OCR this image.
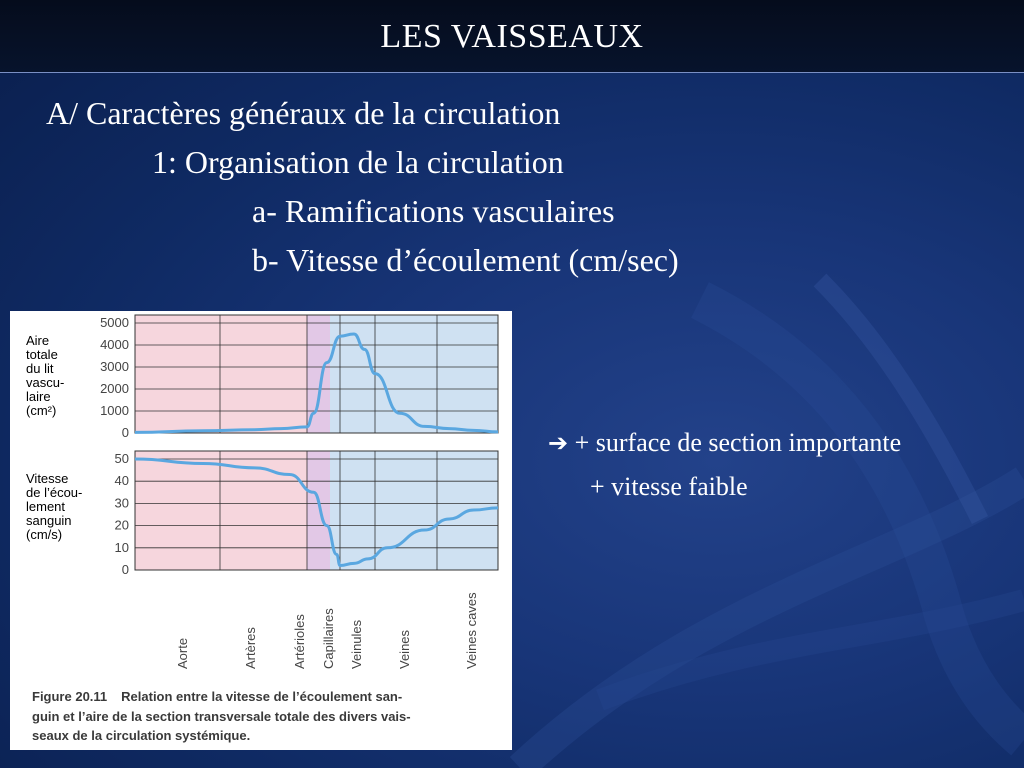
LES VAISSEAUX
A/ Caractères généraux de la circulation
1: Organisation de la circulation
a- Ramifications vasculaires
b- Vitesse d’écoulement (cm/sec)
➔ + surface de section importante
+ vitesse faible
0
1000
2000
3000
4000
5000
Aire totale du lit vascu- laire (cm²)
0
10
20
30
40
50
Vitesse de l’écou- lement sanguin (cm/s)
Aorte	Artères	Artérioles Capillaires Veinules	Veines	Veines caves
Figure 20.11 Relation entre la vitesse de l’écoulement san-
guin et l’aire de la section transversale totale des divers vais-
seaux de la circulation systémique.
